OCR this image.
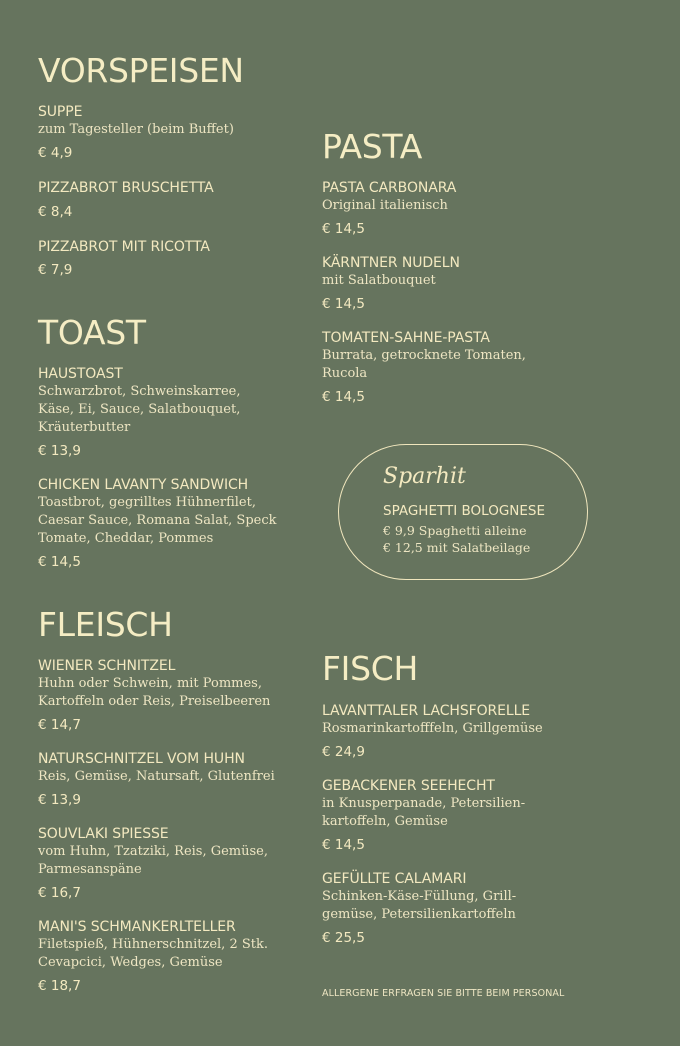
VORSPEISEN
SUPPE
zum Tagesteller (beim Buffet)
€ 4,9
PIZZABROT BRUSCHETTA
€ 8,4
PIZZABROT MIT RICOTTA
€ 7,9
TOAST
HAUSTOAST
Schwarzbrot, Schweinskarree,
Käse, Ei, Sauce, Salatbouquet,
Kräuterbutter
€ 13,9
CHICKEN LAVANTY SANDWICH
Toastbrot, gegrilltes Hühnerfilet,
Caesar Sauce, Romana Salat, Speck
Tomate, Cheddar, Pommes
€ 14,5
FLEISCH
WIENER SCHNITZEL
Huhn oder Schwein, mit Pommes,
Kartoffeln oder Reis, Preiselbeeren
€ 14,7
NATURSCHNITZEL VOM HUHN
Reis, Gemüse, Natursaft, Glutenfrei
€ 13,9
SOUVLAKI SPIESSE
vom Huhn, Tzatziki, Reis, Gemüse,
Parmesanspäne
€ 16,7
MANI'S SCHMANKERLTELLER
Filetspieß, Hühnerschnitzel, 2 Stk.
Cevapcici, Wedges, Gemüse
€ 18,7
PASTA
PASTA CARBONARA
Original italienisch
€ 14,5
KÄRNTNER NUDELN
mit Salatbouquet
€ 14,5
TOMATEN-SAHNE-PASTA
Burrata, getrocknete Tomaten,
Rucola
€ 14,5
Sparhit
SPAGHETTI BOLOGNESE
€ 9,9 Spaghetti alleine
€ 12,5 mit Salatbeilage
FISCH
LAVANTTALER LACHSFORELLE
Rosmarinkartofffeln, Grillgemüse
€ 24,9
GEBACKENER SEEHECHT
in Knusperpanade, Petersilien-
kartoffeln, Gemüse
€ 14,5
GEFÜLLTE CALAMARI
Schinken-Käse-Füllung, Grill-
gemüse, Petersilienkartoffeln
€ 25,5
ALLERGENE ERFRAGEN SIE BITTE BEIM PERSONAL
